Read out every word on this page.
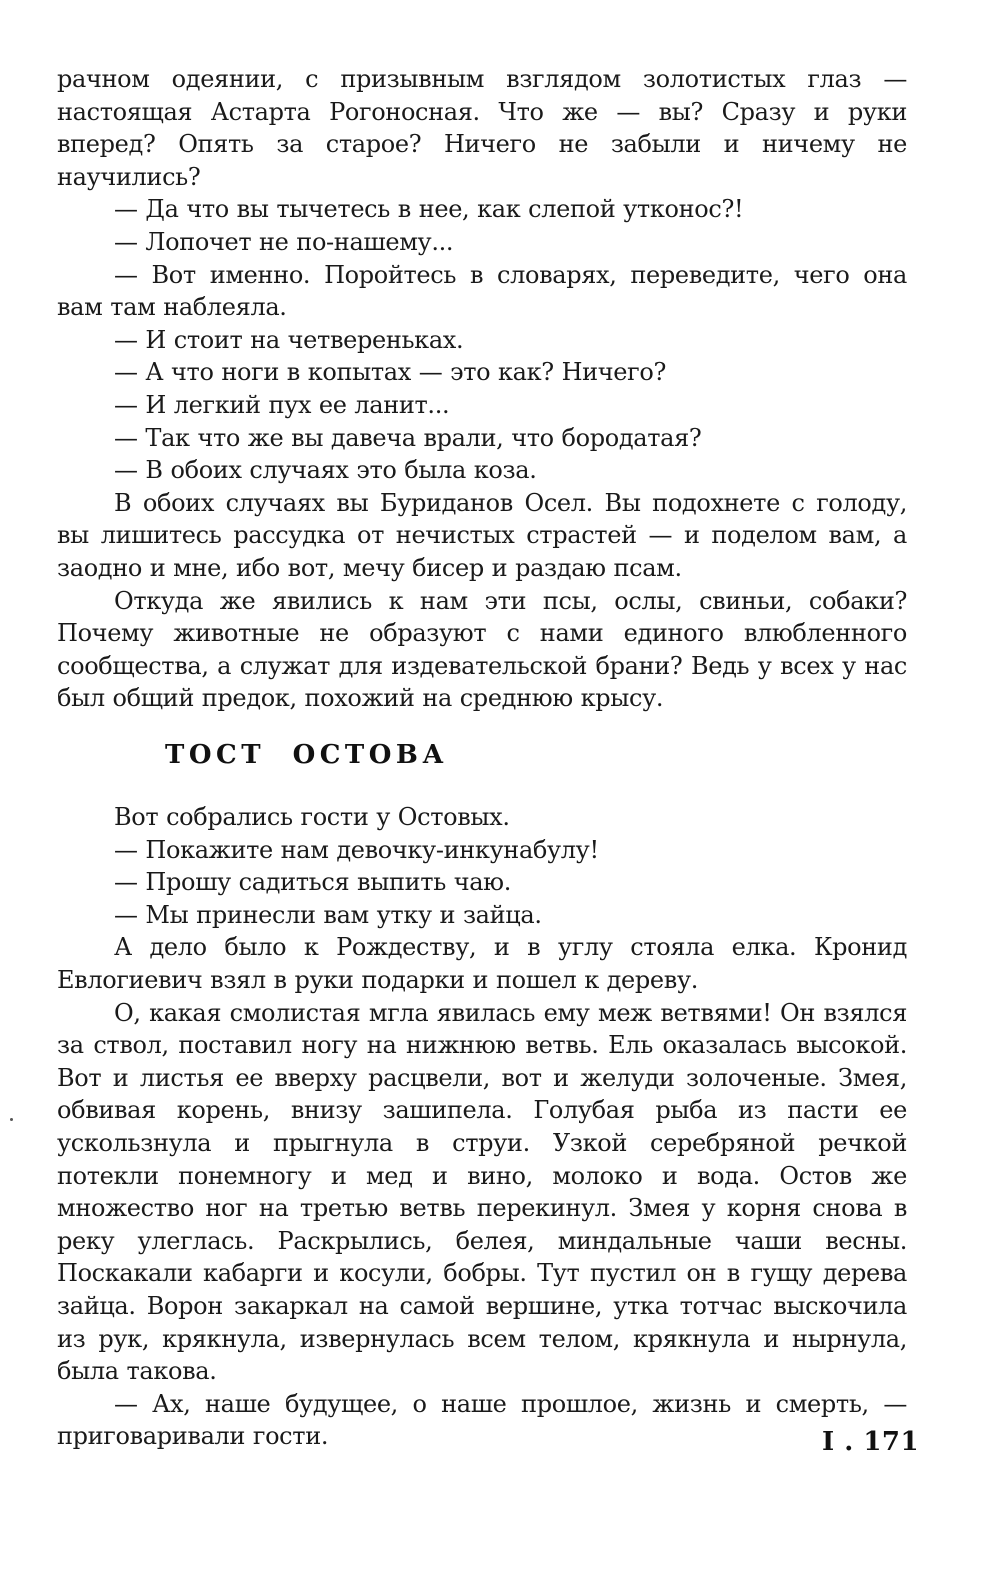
рачном одеянии, с призывным взглядом золотистых глаз — настоящая Астарта Рогоносная. Что же — вы? Сразу и руки вперед? Опять за старое? Ничего не забыли и ничему не научились?

— Да что вы тычетесь в нее, как слепой утконос?!

— Лопочет не по-нашему...

— Вот именно. Поройтесь в словарях, переведите, чего она вам там наблеяла.

— И стоит на четвереньках.

— А что ноги в копытах — это как? Ничего?

— И легкий пух ее ланит...

— Так что же вы давеча врали, что бородатая?

— В обоих случаях это была коза.

В обоих случаях вы Буриданов Осел. Вы подохнете с голоду, вы лишитесь рассудка от нечистых страстей — и поделом вам, а заодно и мне, ибо вот, мечу бисер и раздаю псам.

Откуда же явились к нам эти псы, ослы, свиньи, собаки? Почему животные не образуют с нами единого влюбленного сообщества, а служат для издевательской брани? Ведь у всех у нас был общий предок, похожий на среднюю крысу.

ТОСТ ОСТОВА

Вот собрались гости у Остовых.

— Покажите нам девочку-инкунабулу!

— Прошу садиться выпить чаю.

— Мы принесли вам утку и зайца.

А дело было к Рождеству, и в углу стояла елка. Кронид Евлогиевич взял в руки подарки и пошел к дереву.

О, какая смолистая мгла явилась ему меж ветвями! Он взялся за ствол, поставил ногу на нижнюю ветвь. Ель оказалась высокой. Вот и листья ее вверху расцвели, вот и желуди золоченые. Змея, обвивая корень, внизу зашипела. Голубая рыба из пасти ее ускользнула и прыгнула в струи. Узкой серебряной речкой потекли понемногу и мед и вино, молоко и вода. Остов же множество ног на третью ветвь перекинул. Змея у корня снова в реку улеглась. Раскрылись, белея, миндальные чаши весны. Поскакали кабарги и косули, бобры. Тут пустил он в гущу дерева зайца. Ворон закаркал на самой вершине, утка тотчас выскочила из рук, крякнула, извернулась всем телом, крякнула и нырнула, была такова.

— Ах, наше будущее, о наше прошлое, жизнь и смерть, — приговаривали гости.	I . 171
